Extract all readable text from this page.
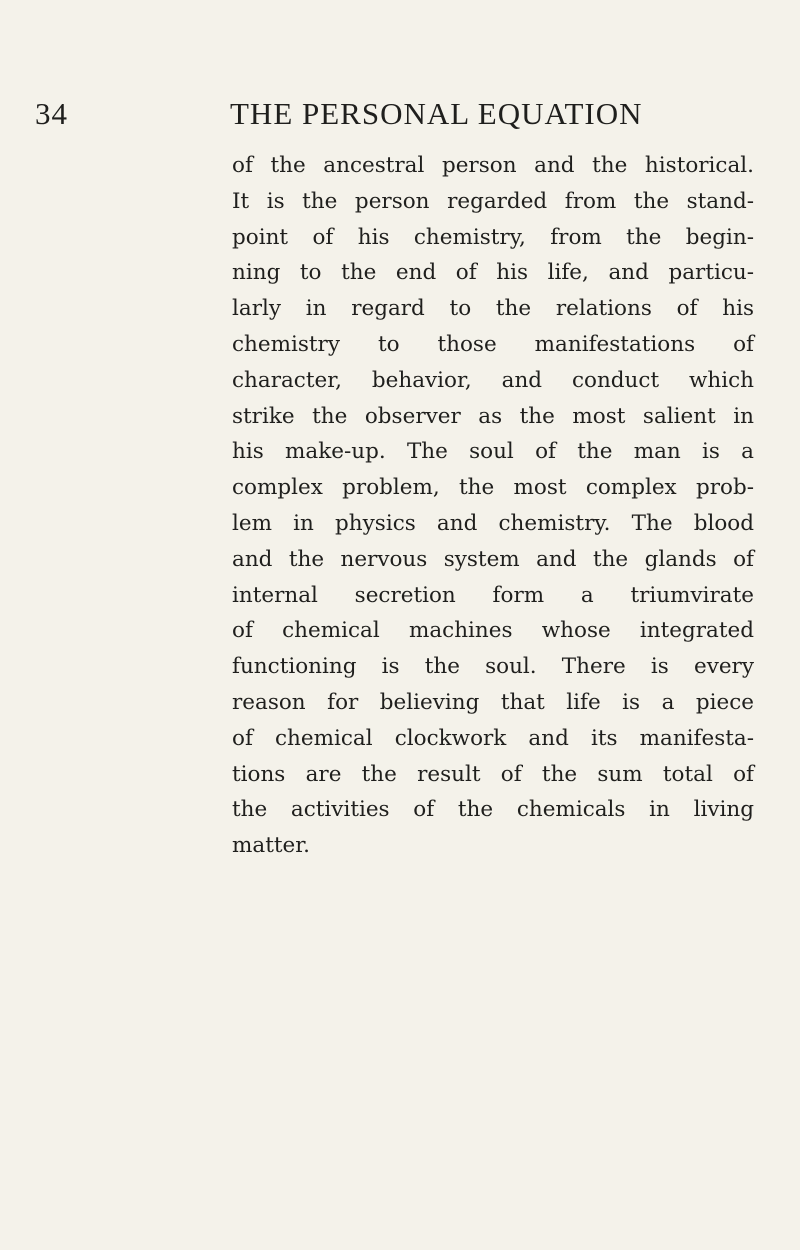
34	THE PERSONAL EQUATION
of the ancestral person and the historical.
It is the person regarded from the stand-
point of his chemistry, from the begin-
ning to the end of his life, and particu-
larly in regard to the relations of his
chemistry to those manifestations of
character, behavior, and conduct which
strike the observer as the most salient in
his make-up. The soul of the man is a
complex problem, the most complex prob-
lem in physics and chemistry. The blood
and the nervous system and the glands of
internal secretion form a triumvirate
of chemical machines whose integrated
functioning is the soul. There is every
reason for believing that life is a piece
of chemical clockwork and its manifesta-
tions are the result of the sum total of
the activities of the chemicals in living
matter.
